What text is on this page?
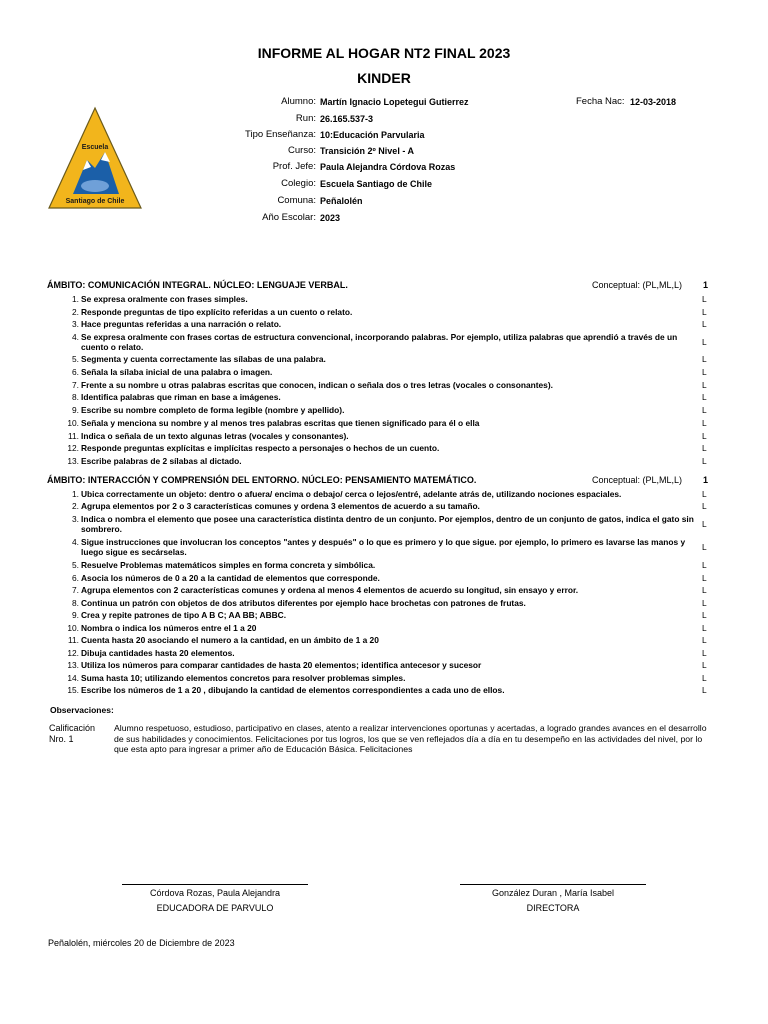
INFORME AL HOGAR NT2 FINAL 2023
KINDER
Escuela
Santiago de Chile
Alumno: Martín Ignacio Lopetegui Gutierrez	Fecha Nac: 12-03-2018
Run: 26.165.537-3
Tipo Enseñanza: 10:Educación Parvularia
Curso: Transición 2º Nivel - A
Prof. Jefe: Paula Alejandra Córdova Rozas
Colegio: Escuela Santiago de Chile
Comuna: Peñalolén
Año Escolar: 2023
ÁMBITO: COMUNICACIÓN INTEGRAL. NÚCLEO: LENGUAJE VERBAL.	Conceptual: (PL,ML,L) 1
1. Se expresa oralmente con frases simples.	L
2. Responde preguntas de tipo explícito referidas a un cuento o relato.	L
3. Hace preguntas referidas a una narración o relato.	L
4. Se expresa oralmente con frases cortas de estructura convencional, incorporando palabras. Por ejemplo, utiliza palabras que aprendió a través de un cuento o relato.
L
5. Segmenta y cuenta correctamente las sílabas de una palabra.	L
6. Señala la sílaba inicial de una palabra o imagen.	L
7. Frente a su nombre u otras palabras escritas que conocen, indican o señala dos o tres letras (vocales o consonantes).	L
8. Identifica palabras que riman en base a imágenes.	L
9. Escribe su nombre completo de forma legible (nombre y apellido).	L
10. Señala y menciona su nombre y al menos tres palabras escritas que tienen significado para él o ella	L
11. Indica o señala de un texto algunas letras (vocales y consonantes).	L
12. Responde preguntas explícitas e implícitas respecto a personajes o hechos de un cuento.	L
13. Escribe palabras de 2 sílabas al dictado.	L
ÁMBITO: INTERACCIÓN Y COMPRENSIÓN DEL ENTORNO. NÚCLEO: PENSAMIENTO MATEMÁTICO.	Conceptual: (PL,ML,L) 1
1. Ubica correctamente un objeto: dentro o afuera/ encima o debajo/ cerca o lejos/entré, adelante atrás de, utilizando nociones espaciales.	L
2. Agrupa elementos por 2 o 3 características comunes y ordena 3 elementos de acuerdo a su tamaño.	L
3. Indica o nombra el elemento que posee una característica distinta dentro de un conjunto. Por ejemplos, dentro de un conjunto de gatos, indica el gato sin sombrero.
L
4. Sigue instrucciones que involucran los conceptos "antes y después" o lo que es primero y lo que sigue. por ejemplo, lo primero es lavarse las manos y luego sigue es secárselas.
L
5. Resuelve Problemas matemáticos simples en forma concreta y simbólica.	L
6. Asocia los números de 0 a 20 a la cantidad de elementos que corresponde.	L
7. Agrupa elementos con 2 características comunes y ordena al menos 4 elementos de acuerdo su longitud, sin ensayo y error.	L
8. Continua un patrón con objetos de dos atributos diferentes por ejemplo hace brochetas con patrones de frutas.	L
9. Crea y repite patrones de tipo A B C; AA BB; ABBC.	L
10. Nombra o indica los números entre el 1 a 20	L
11. Cuenta hasta 20 asociando el numero a la cantidad, en un ámbito de 1 a 20	L
12. Dibuja cantidades hasta 20 elementos.	L
13. Utiliza los números para comparar cantidades de hasta 20 elementos; identifica antecesor y sucesor	L
14. Suma hasta 10; utilizando elementos concretos para resolver problemas simples.	L
15. Escribe los números de 1 a 20 , dibujando la cantidad de elementos correspondientes a cada uno de ellos.	L
Observaciones:
Calificación
Nro. 1
Alumno respetuoso, estudioso, participativo en clases, atento a realizar intervenciones oportunas y acertadas, a logrado grandes avances en el desarrollo de sus habilidades y conocimientos. Felicitaciones por tus logros, los que se ven reflejados día a día en tu desempeño en las actividades del nivel, por lo que esta apto para ingresar a primer año de Educación Básica. Felicitaciones
Córdova Rozas, Paula Alejandra
EDUCADORA DE PARVULO
González Duran , María Isabel
DIRECTORA
Peñalolén, miércoles 20 de Diciembre de 2023
